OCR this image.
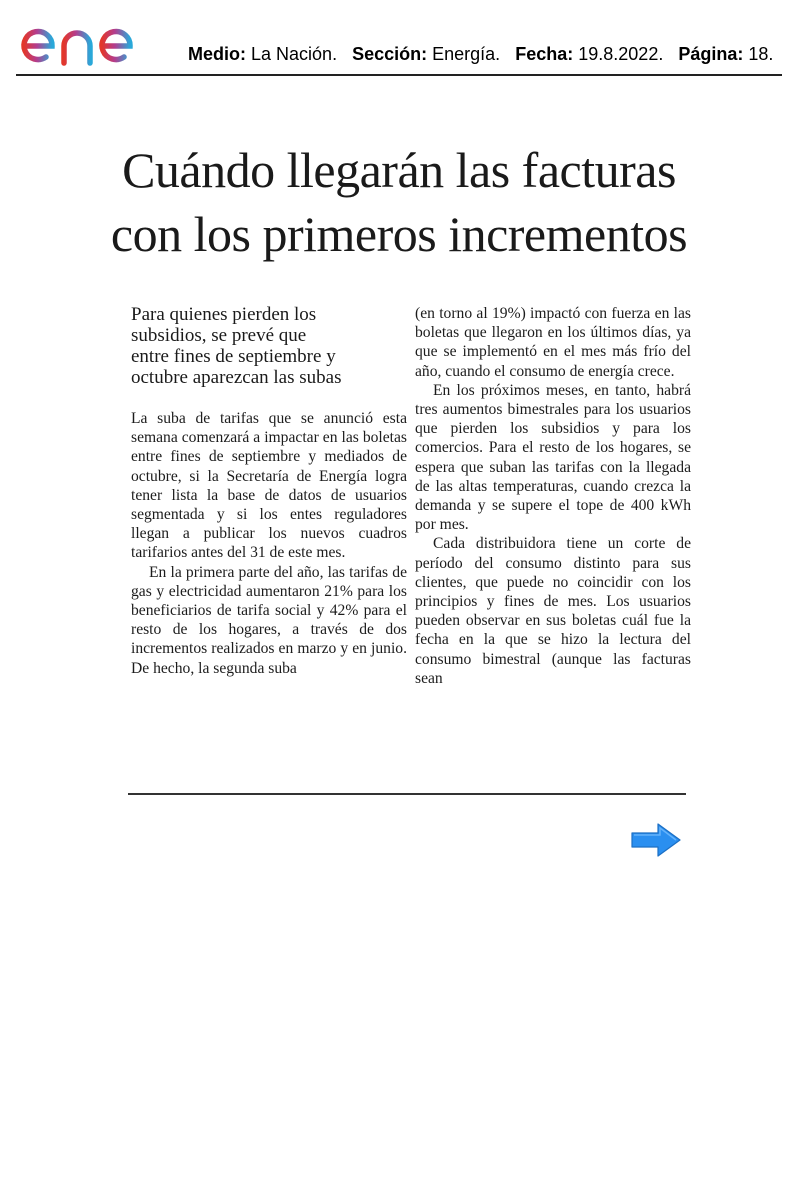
Medio: La Nación. Sección: Energía. Fecha: 19.8.2022. Página: 18.
Cuándo llegarán las facturas
con los primeros incrementos
Para quienes pierden los
subsidios, se prevé que
entre fines de septiembre y
octubre aparezcan las subas

La suba de tarifas que se anunció esta semana comenzará a impactar en las boletas entre fines de septiembre y mediados de octubre, si la Secretaría de Energía logra tener lista la base de datos de usuarios segmentada y si los entes reguladores llegan a publicar los nuevos cuadros tarifarios antes del 31 de este mes.

En la primera parte del año, las tarifas de gas y electricidad aumentaron 21% para los beneficiarios de tarifa social y 42% para el resto de los hogares, a través de dos incrementos realizados en marzo y en junio. De hecho, la segunda suba

(en torno al 19%) impactó con fuerza en las boletas que llegaron en los últimos días, ya que se implementó en el mes más frío del año, cuando el consumo de energía crece.

En los próximos meses, en tanto, habrá tres aumentos bimestrales para los usuarios que pierden los subsidios y para los comercios. Para el resto de los hogares, se espera que suban las tarifas con la llegada de las altas temperaturas, cuando crezca la demanda y se supere el tope de 400 kWh por mes.

Cada distribuidora tiene un corte de período del consumo distinto para sus clientes, que puede no coincidir con los principios y fines de mes. Los usuarios pueden observar en sus boletas cuál fue la fecha en la que se hizo la lectura del consumo bimestral (aunque las facturas sean
